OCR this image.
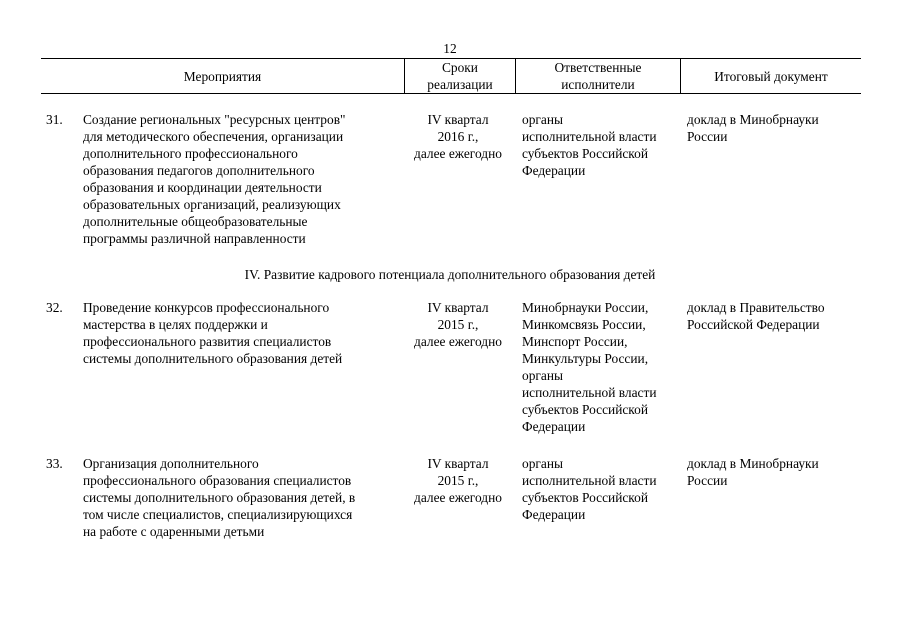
12
Мероприятия
Сроки
реализации
Ответственные
исполнители
Итоговый документ
31. Создание региональных "ресурсных центров"
для методического обеспечения, организации
дополнительного профессионального
образования педагогов дополнительного
образования и координации деятельности
образовательных организаций, реализующих
дополнительные общеобразовательные
программы различной направленности
IV квартал
2016 г.,
далее ежегодно
органы
исполнительной власти
субъектов Российской
Федерации
доклад в Минобрнауки
России
IV. Развитие кадрового потенциала дополнительного образования детей
32. Проведение конкурсов профессионального
мастерства в целях поддержки и
профессионального развития специалистов
системы дополнительного образования детей
IV квартал
2015 г.,
далее ежегодно
Минобрнауки России,
Минкомсвязь России,
Минспорт России,
Минкультуры России,
органы
исполнительной власти
субъектов Российской
Федерации
доклад в Правительство
Российской Федерации
33. Организация дополнительного
профессионального образования специалистов
системы дополнительного образования детей, в
том числе специалистов, специализирующихся
на работе с одаренными детьми
IV квартал
2015 г.,
далее ежегодно
органы
исполнительной власти
субъектов Российской
Федерации
доклад в Минобрнауки
России
